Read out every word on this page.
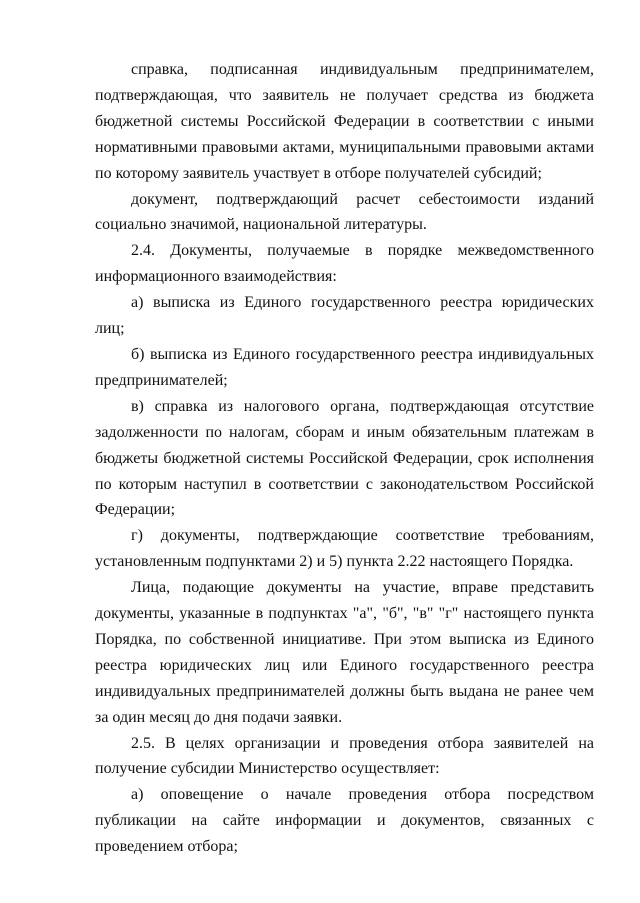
справка, подписанная индивидуальным предпринимателем, подтверждающая, что заявитель не получает средства из бюджета бюджетной системы Российской Федерации в соответствии с иными нормативными правовыми актами, муниципальными правовыми актами по которому заявитель участвует в отборе получателей субсидий;

документ, подтверждающий расчет себестоимости изданий социально значимой, национальной литературы.

2.4. Документы, получаемые в порядке межведомственного информационного взаимодействия:

а) выписка из Единого государственного реестра юридических лиц;

б) выписка из Единого государственного реестра индивидуальных предпринимателей;

в) справка из налогового органа, подтверждающая отсутствие задолженности по налогам, сборам и иным обязательным платежам в бюджеты бюджетной системы Российской Федерации, срок исполнения по которым наступил в соответствии с законодательством Российской Федерации;

г) документы, подтверждающие соответствие требованиям, установленным подпунктами 2) и 5) пункта 2.22 настоящего Порядка.

Лица, подающие документы на участие, вправе представить документы, указанные в подпунктах "а", "б", "в" "г" настоящего пункта Порядка, по собственной инициативе. При этом выписка из Единого реестра юридических лиц или Единого государственного реестра индивидуальных предпринимателей должны быть выдана не ранее чем за один месяц до дня подачи заявки.

2.5. В целях организации и проведения отбора заявителей на получение субсидии Министерство осуществляет:

а) оповещение о начале проведения отбора посредством публикации на сайте информации и документов, связанных с проведением отбора;
